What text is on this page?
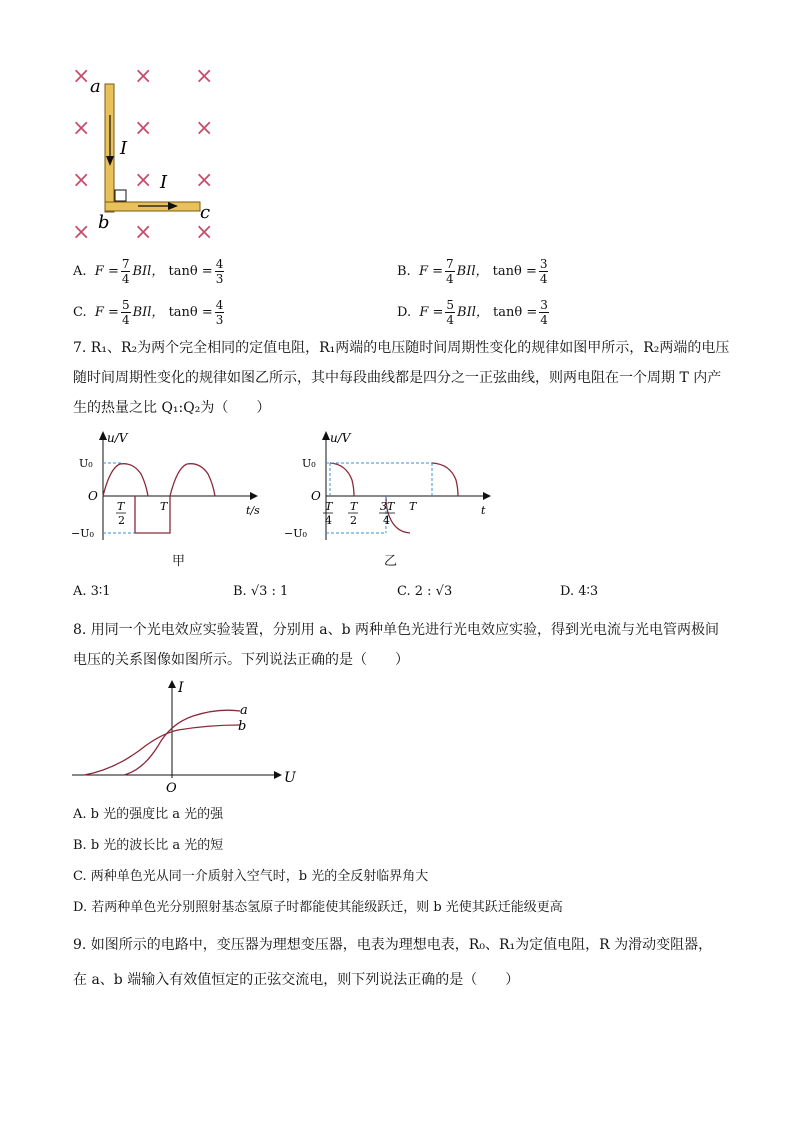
× × ×
× × ×
× × ×
× × ×
a
b	c
I
I
A. $F = \frac{7}{4}$ BIl， $\tan\theta = \frac{4}{3}$	B. $F = \frac{7}{4}$ BIl， $\tan\theta = \frac{3}{4}$
C. $F = \frac{5}{4}$ BIl， $\tan\theta = \frac{4}{3}$	D. $F = \frac{5}{4}$ BIl， $\tan\theta = \frac{3}{4}$
7. R₁、R₂为两个完全相同的定值电阻，R₁两端的电压随时间周期性变化的规律如图甲所示，R₂两端的电压
随时间周期性变化的规律如图乙所示，其中每段曲线都是四分之一正弦曲线，则两电阻在一个周期 T 内产
生的热量之比 Q₁:Q₂为（　　）
u/V
U₀
O
−U₀
T
2
T	t/s
甲
u/V
U₀
O
−U₀
T
4
T
2
3T
4
T	t
乙
A. 3∶1	B. √3 : 1	C. 2 : √3	D. 4∶3
8. 用同一个光电效应实验装置，分别用 a、b 两种单色光进行光电效应实验，得到光电流与光电管两极间
电压的关系图像如图所示。下列说法正确的是（　　）
I
U
O
a
b
A. b 光的强度比 a 光的强
B. b 光的波长比 a 光的短
C. 两种单色光从同一介质射入空气时，b 光的全反射临界角大
D. 若两种单色光分别照射基态氢原子时都能使其能级跃迁，则 b 光使其跃迁能级更高
9. 如图所示的电路中，变压器为理想变压器，电表为理想电表，R₀、R₁为定值电阻，R 为滑动变阻器，
在 a、b 端输入有效值恒定的正弦交流电，则下列说法正确的是（　　）
